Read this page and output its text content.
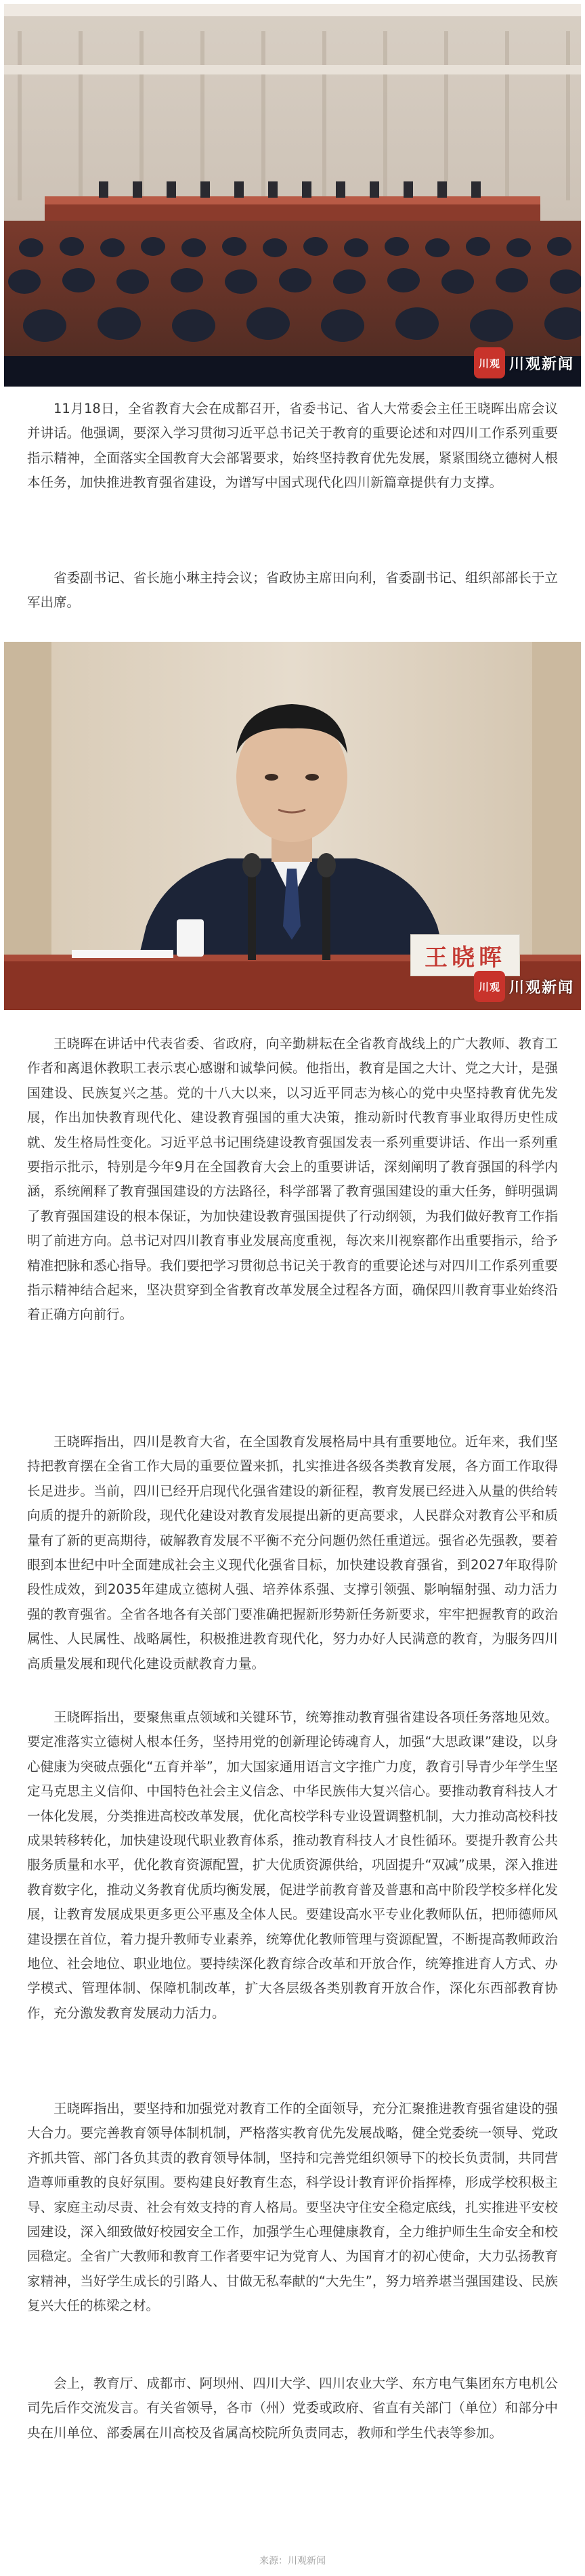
川观 川观新闻

11月18日，全省教育大会在成都召开，省委书记、省人大常委会主任王晓晖出席会议并讲话。他强调，要深入学习贯彻习近平总书记关于教育的重要论述和对四川工作系列重要指示精神，全面落实全国教育大会部署要求，始终坚持教育优先发展，紧紧围绕立德树人根本任务，加快推进教育强省建设，为谱写中国式现代化四川新篇章提供有力支撑。

省委副书记、省长施小琳主持会议；省政协主席田向利，省委副书记、组织部部长于立军出席。

王晓晖
川观 川观新闻

王晓晖在讲话中代表省委、省政府，向辛勤耕耘在全省教育战线上的广大教师、教育工作者和离退休教职工表示衷心感谢和诚挚问候。他指出，教育是国之大计、党之大计，是强国建设、民族复兴之基。党的十八大以来，以习近平同志为核心的党中央坚持教育优先发展，作出加快教育现代化、建设教育强国的重大决策，推动新时代教育事业取得历史性成就、发生格局性变化。习近平总书记围绕建设教育强国发表一系列重要讲话、作出一系列重要指示批示，特别是今年9月在全国教育大会上的重要讲话，深刻阐明了教育强国的科学内涵，系统阐释了教育强国建设的方法路径，科学部署了教育强国建设的重大任务，鲜明强调了教育强国建设的根本保证，为加快建设教育强国提供了行动纲领，为我们做好教育工作指明了前进方向。总书记对四川教育事业发展高度重视，每次来川视察都作出重要指示，给予精准把脉和悉心指导。我们要把学习贯彻总书记关于教育的重要论述与对四川工作系列重要指示精神结合起来，坚决贯穿到全省教育改革发展全过程各方面，确保四川教育事业始终沿着正确方向前行。

王晓晖指出，四川是教育大省，在全国教育发展格局中具有重要地位。近年来，我们坚持把教育摆在全省工作大局的重要位置来抓，扎实推进各级各类教育发展，各方面工作取得长足进步。当前，四川已经开启现代化强省建设的新征程，教育发展已经进入从量的供给转向质的提升的新阶段，现代化建设对教育发展提出新的更高要求，人民群众对教育公平和质量有了新的更高期待，破解教育发展不平衡不充分问题仍然任重道远。强省必先强教，要着眼到本世纪中叶全面建成社会主义现代化强省目标，加快建设教育强省，到2027年取得阶段性成效，到2035年建成立德树人强、培养体系强、支撑引领强、影响辐射强、动力活力强的教育强省。全省各地各有关部门要准确把握新形势新任务新要求，牢牢把握教育的政治属性、人民属性、战略属性，积极推进教育现代化，努力办好人民满意的教育，为服务四川高质量发展和现代化建设贡献教育力量。

王晓晖指出，要聚焦重点领域和关键环节，统筹推动教育强省建设各项任务落地见效。要定准落实立德树人根本任务，坚持用党的创新理论铸魂育人，加强“大思政课”建设，以身心健康为突破点强化“五育并举”，加大国家通用语言文字推广力度，教育引导青少年学生坚定马克思主义信仰、中国特色社会主义信念、中华民族伟大复兴信心。要推动教育科技人才一体化发展，分类推进高校改革发展，优化高校学科专业设置调整机制，大力推动高校科技成果转移转化，加快建设现代职业教育体系，推动教育科技人才良性循环。要提升教育公共服务质量和水平，优化教育资源配置，扩大优质资源供给，巩固提升“双减”成果，深入推进教育数字化，推动义务教育优质均衡发展，促进学前教育普及普惠和高中阶段学校多样化发展，让教育发展成果更多更公平惠及全体人民。要建设高水平专业化教师队伍，把师德师风建设摆在首位，着力提升教师专业素养，统筹优化教师管理与资源配置，不断提高教师政治地位、社会地位、职业地位。要持续深化教育综合改革和开放合作，统筹推进育人方式、办学模式、管理体制、保障机制改革，扩大各层级各类别教育开放合作，深化东西部教育协作，充分激发教育发展动力活力。

王晓晖指出，要坚持和加强党对教育工作的全面领导，充分汇聚推进教育强省建设的强大合力。要完善教育领导体制机制，严格落实教育优先发展战略，健全党委统一领导、党政齐抓共管、部门各负其责的教育领导体制，坚持和完善党组织领导下的校长负责制，共同营造尊师重教的良好氛围。要构建良好教育生态，科学设计教育评价指挥棒，形成学校积极主导、家庭主动尽责、社会有效支持的育人格局。要坚决守住安全稳定底线，扎实推进平安校园建设，深入细致做好校园安全工作，加强学生心理健康教育，全力维护师生生命安全和校园稳定。全省广大教师和教育工作者要牢记为党育人、为国育才的初心使命，大力弘扬教育家精神，当好学生成长的引路人、甘做无私奉献的“大先生”，努力培养堪当强国建设、民族复兴大任的栋梁之材。

会上，教育厅、成都市、阿坝州、四川大学、四川农业大学、东方电气集团东方电机公司先后作交流发言。有关省领导，各市（州）党委或政府、省直有关部门（单位）和部分中央在川单位、部委属在川高校及省属高校院所负责同志，教师和学生代表等参加。

来源：川观新闻
